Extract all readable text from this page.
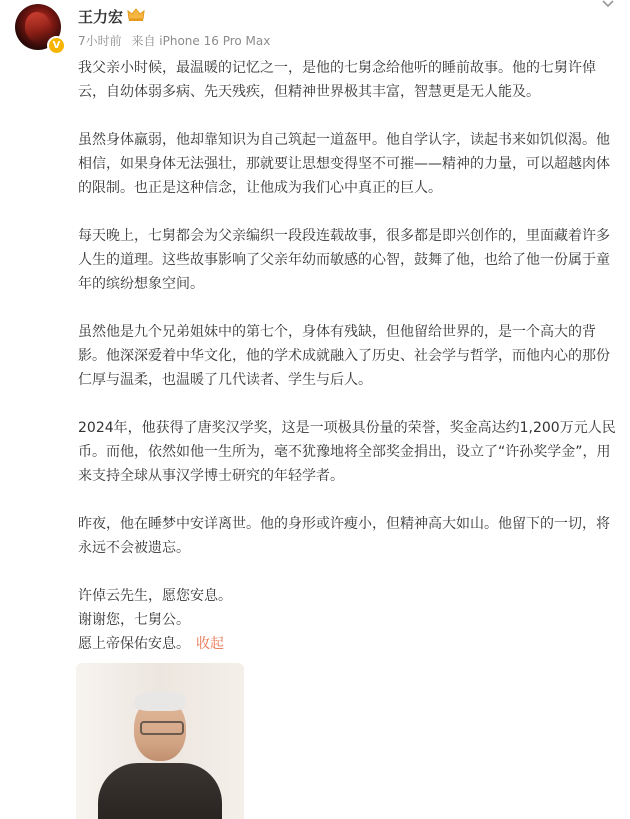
V
王力宏
7小时前 来自 iPhone 16 Pro Max

我父亲小时候，最温暖的记忆之一，是他的七舅念给他听的睡前故事。他的七舅许倬云，自幼体弱多病、先天残疾，但精神世界极其丰富，智慧更是无人能及。

虽然身体羸弱，他却靠知识为自己筑起一道盔甲。他自学认字，读起书来如饥似渴。他相信，如果身体无法强壮，那就要让思想变得坚不可摧——精神的力量，可以超越肉体的限制。也正是这种信念，让他成为我们心中真正的巨人。

每天晚上，七舅都会为父亲编织一段段连载故事，很多都是即兴创作的，里面藏着许多人生的道理。这些故事影响了父亲年幼而敏感的心智，鼓舞了他，也给了他一份属于童年的缤纷想象空间。

虽然他是九个兄弟姐妹中的第七个，身体有残缺，但他留给世界的，是一个高大的背影。他深深爱着中华文化，他的学术成就融入了历史、社会学与哲学，而他内心的那份仁厚与温柔，也温暖了几代读者、学生与后人。

2024年，他获得了唐奖汉学奖，这是一项极具份量的荣誉，奖金高达约1,200万元人民币。而他，依然如他一生所为，毫不犹豫地将全部奖金捐出，设立了“许孙奖学金”，用来支持全球从事汉学博士研究的年轻学者。

昨夜，他在睡梦中安详离世。他的身形或许瘦小，但精神高大如山。他留下的一切，将永远不会被遗忘。

许倬云先生，愿您安息。

谢谢您，七舅公。

愿上帝保佑安息。 收起
